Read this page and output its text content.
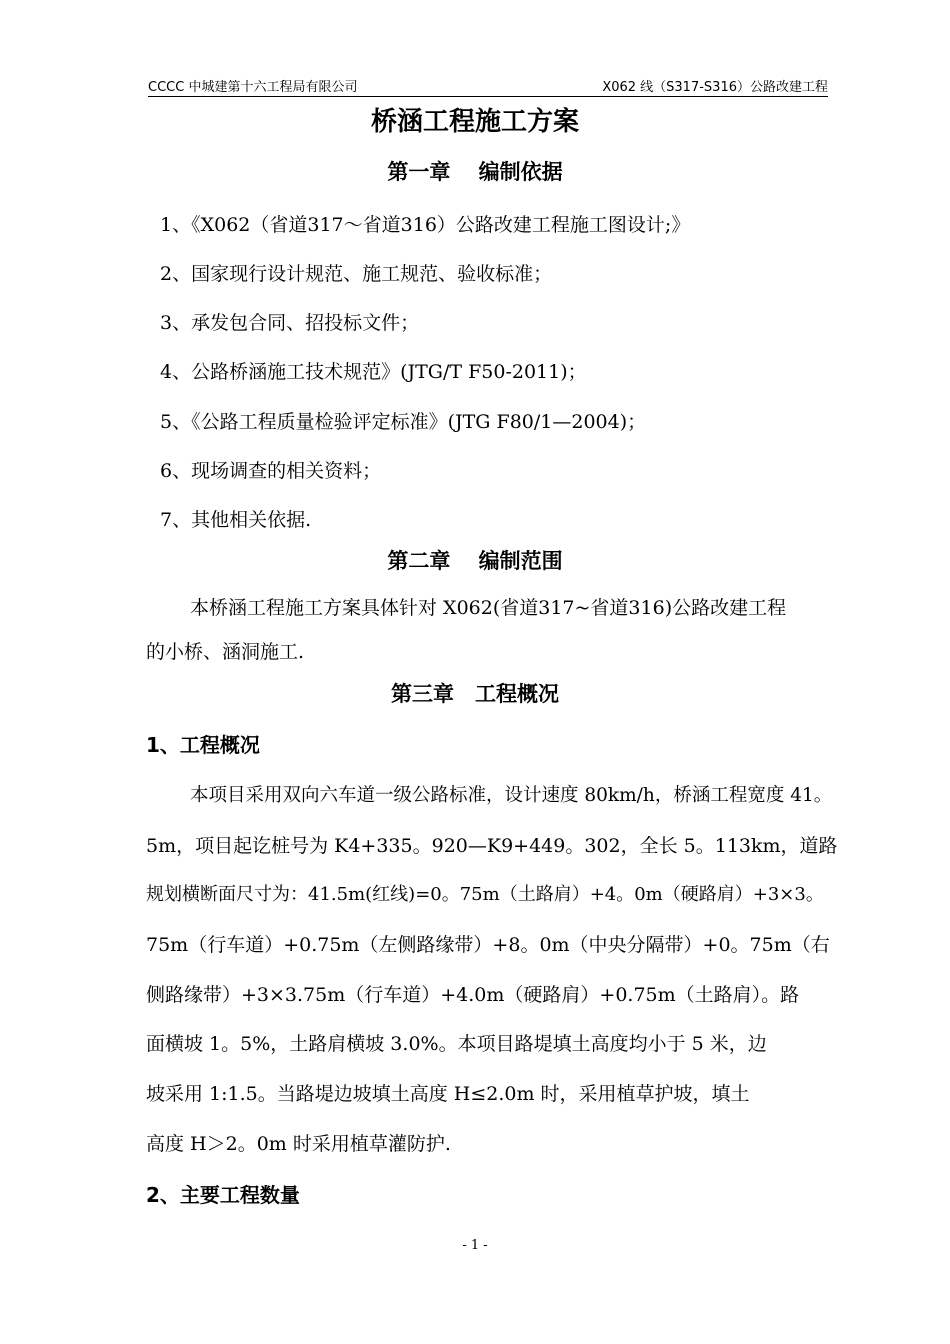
CCCC 中城建第十六工程局有限公司	X062 线（S317-S316）公路改建工程
桥涵工程施工方案
第一章　 编制依据
1、《X062（省道317～省道316）公路改建工程施工图设计;》
2、国家现行设计规范、施工规范、验收标准；
3、承发包合同、招投标文件；
4、公路桥涵施工技术规范》(JTG/T F50-2011)；
5、《公路工程质量检验评定标准》(JTG F80/1—2004)；
6、现场调查的相关资料；
7、其他相关依据.
第二章　 编制范围
本桥涵工程施工方案具体针对 X062(省道317~省道316)公路改建工程
的小桥、涵洞施工.
第三章　工程概况
1、工程概况
本项目采用双向六车道一级公路标准，设计速度 80km/h，桥涵工程宽度 41。
5m，项目起讫桩号为 K4+335。920—K9+449。302，全长 5。113km，道路
规划横断面尺寸为：41.5m(红线)=0。75m（土路肩）+4。0m（硬路肩）+3×3。
75m（行车道）+0.75m（左侧路缘带）+8。0m（中央分隔带）+0。75m（右
侧路缘带）+3×3.75m（行车道）+4.0m（硬路肩）+0.75m（土路肩）。路
面横坡 1。5%，土路肩横坡 3.0%。本项目路堤填土高度均小于 5 米，边
坡采用 1:1.5。当路堤边坡填土高度 H≤2.0m 时，采用植草护坡，填土
高度 H＞2。0m 时采用植草灌防护.
2、主要工程数量
- 1 -
